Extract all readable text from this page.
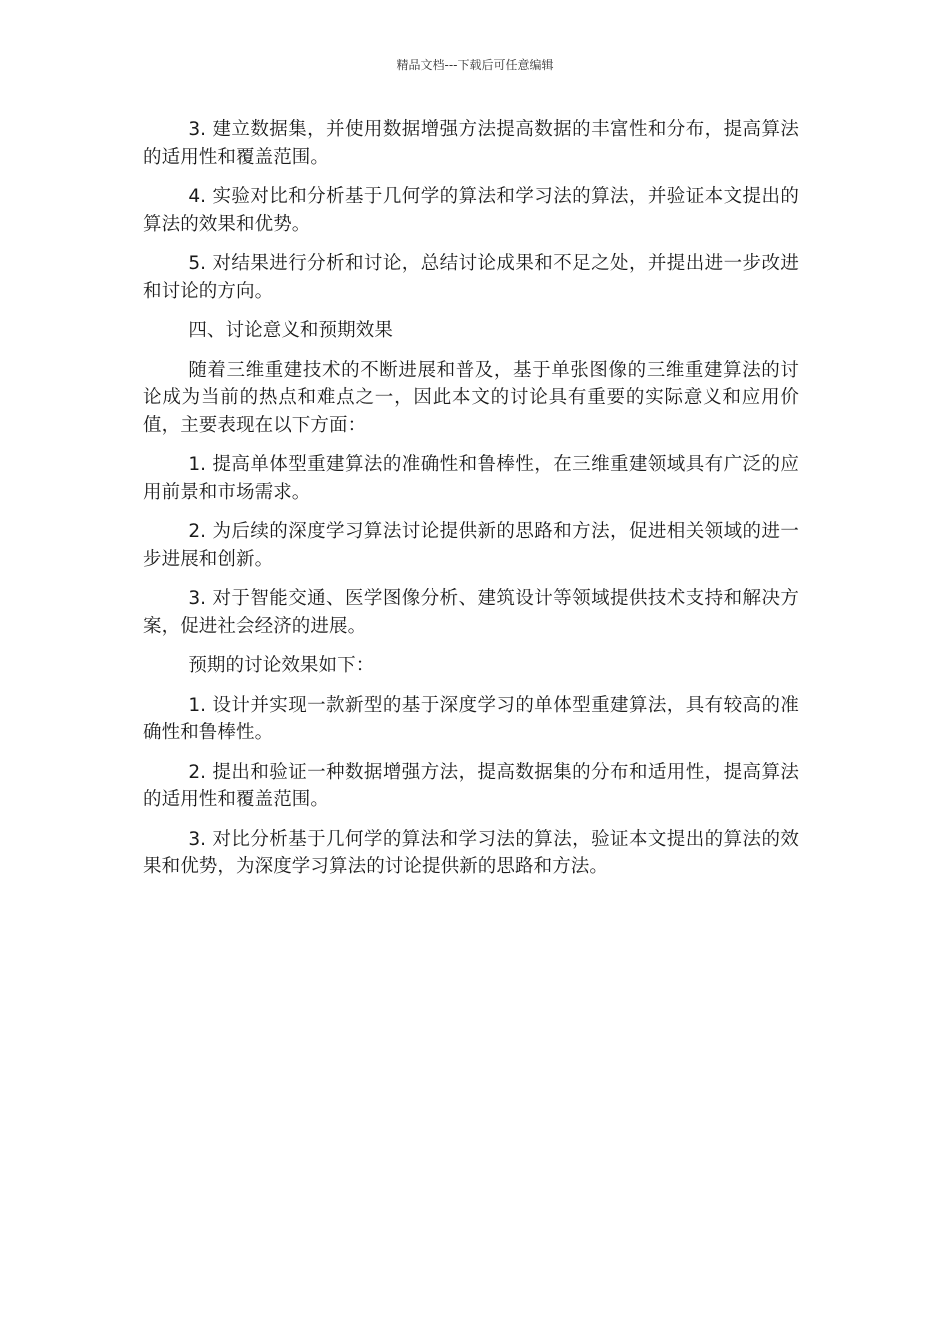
精品文档---下载后可任意编辑

3. 建立数据集，并使用数据增强方法提高数据的丰富性和分布，提高算法的适用性和覆盖范围。

4. 实验对比和分析基于几何学的算法和学习法的算法，并验证本文提出的算法的效果和优势。

5. 对结果进行分析和讨论，总结讨论成果和不足之处，并提出进一步改进和讨论的方向。

四、讨论意义和预期效果

随着三维重建技术的不断进展和普及，基于单张图像的三维重建算法的讨论成为当前的热点和难点之一，因此本文的讨论具有重要的实际意义和应用价值，主要表现在以下方面：

1. 提高单体型重建算法的准确性和鲁棒性，在三维重建领域具有广泛的应用前景和市场需求。

2. 为后续的深度学习算法讨论提供新的思路和方法，促进相关领域的进一步进展和创新。

3. 对于智能交通、医学图像分析、建筑设计等领域提供技术支持和解决方案，促进社会经济的进展。

预期的讨论效果如下：

1. 设计并实现一款新型的基于深度学习的单体型重建算法，具有较高的准确性和鲁棒性。

2. 提出和验证一种数据增强方法，提高数据集的分布和适用性，提高算法的适用性和覆盖范围。

3. 对比分析基于几何学的算法和学习法的算法，验证本文提出的算法的效果和优势，为深度学习算法的讨论提供新的思路和方法。
